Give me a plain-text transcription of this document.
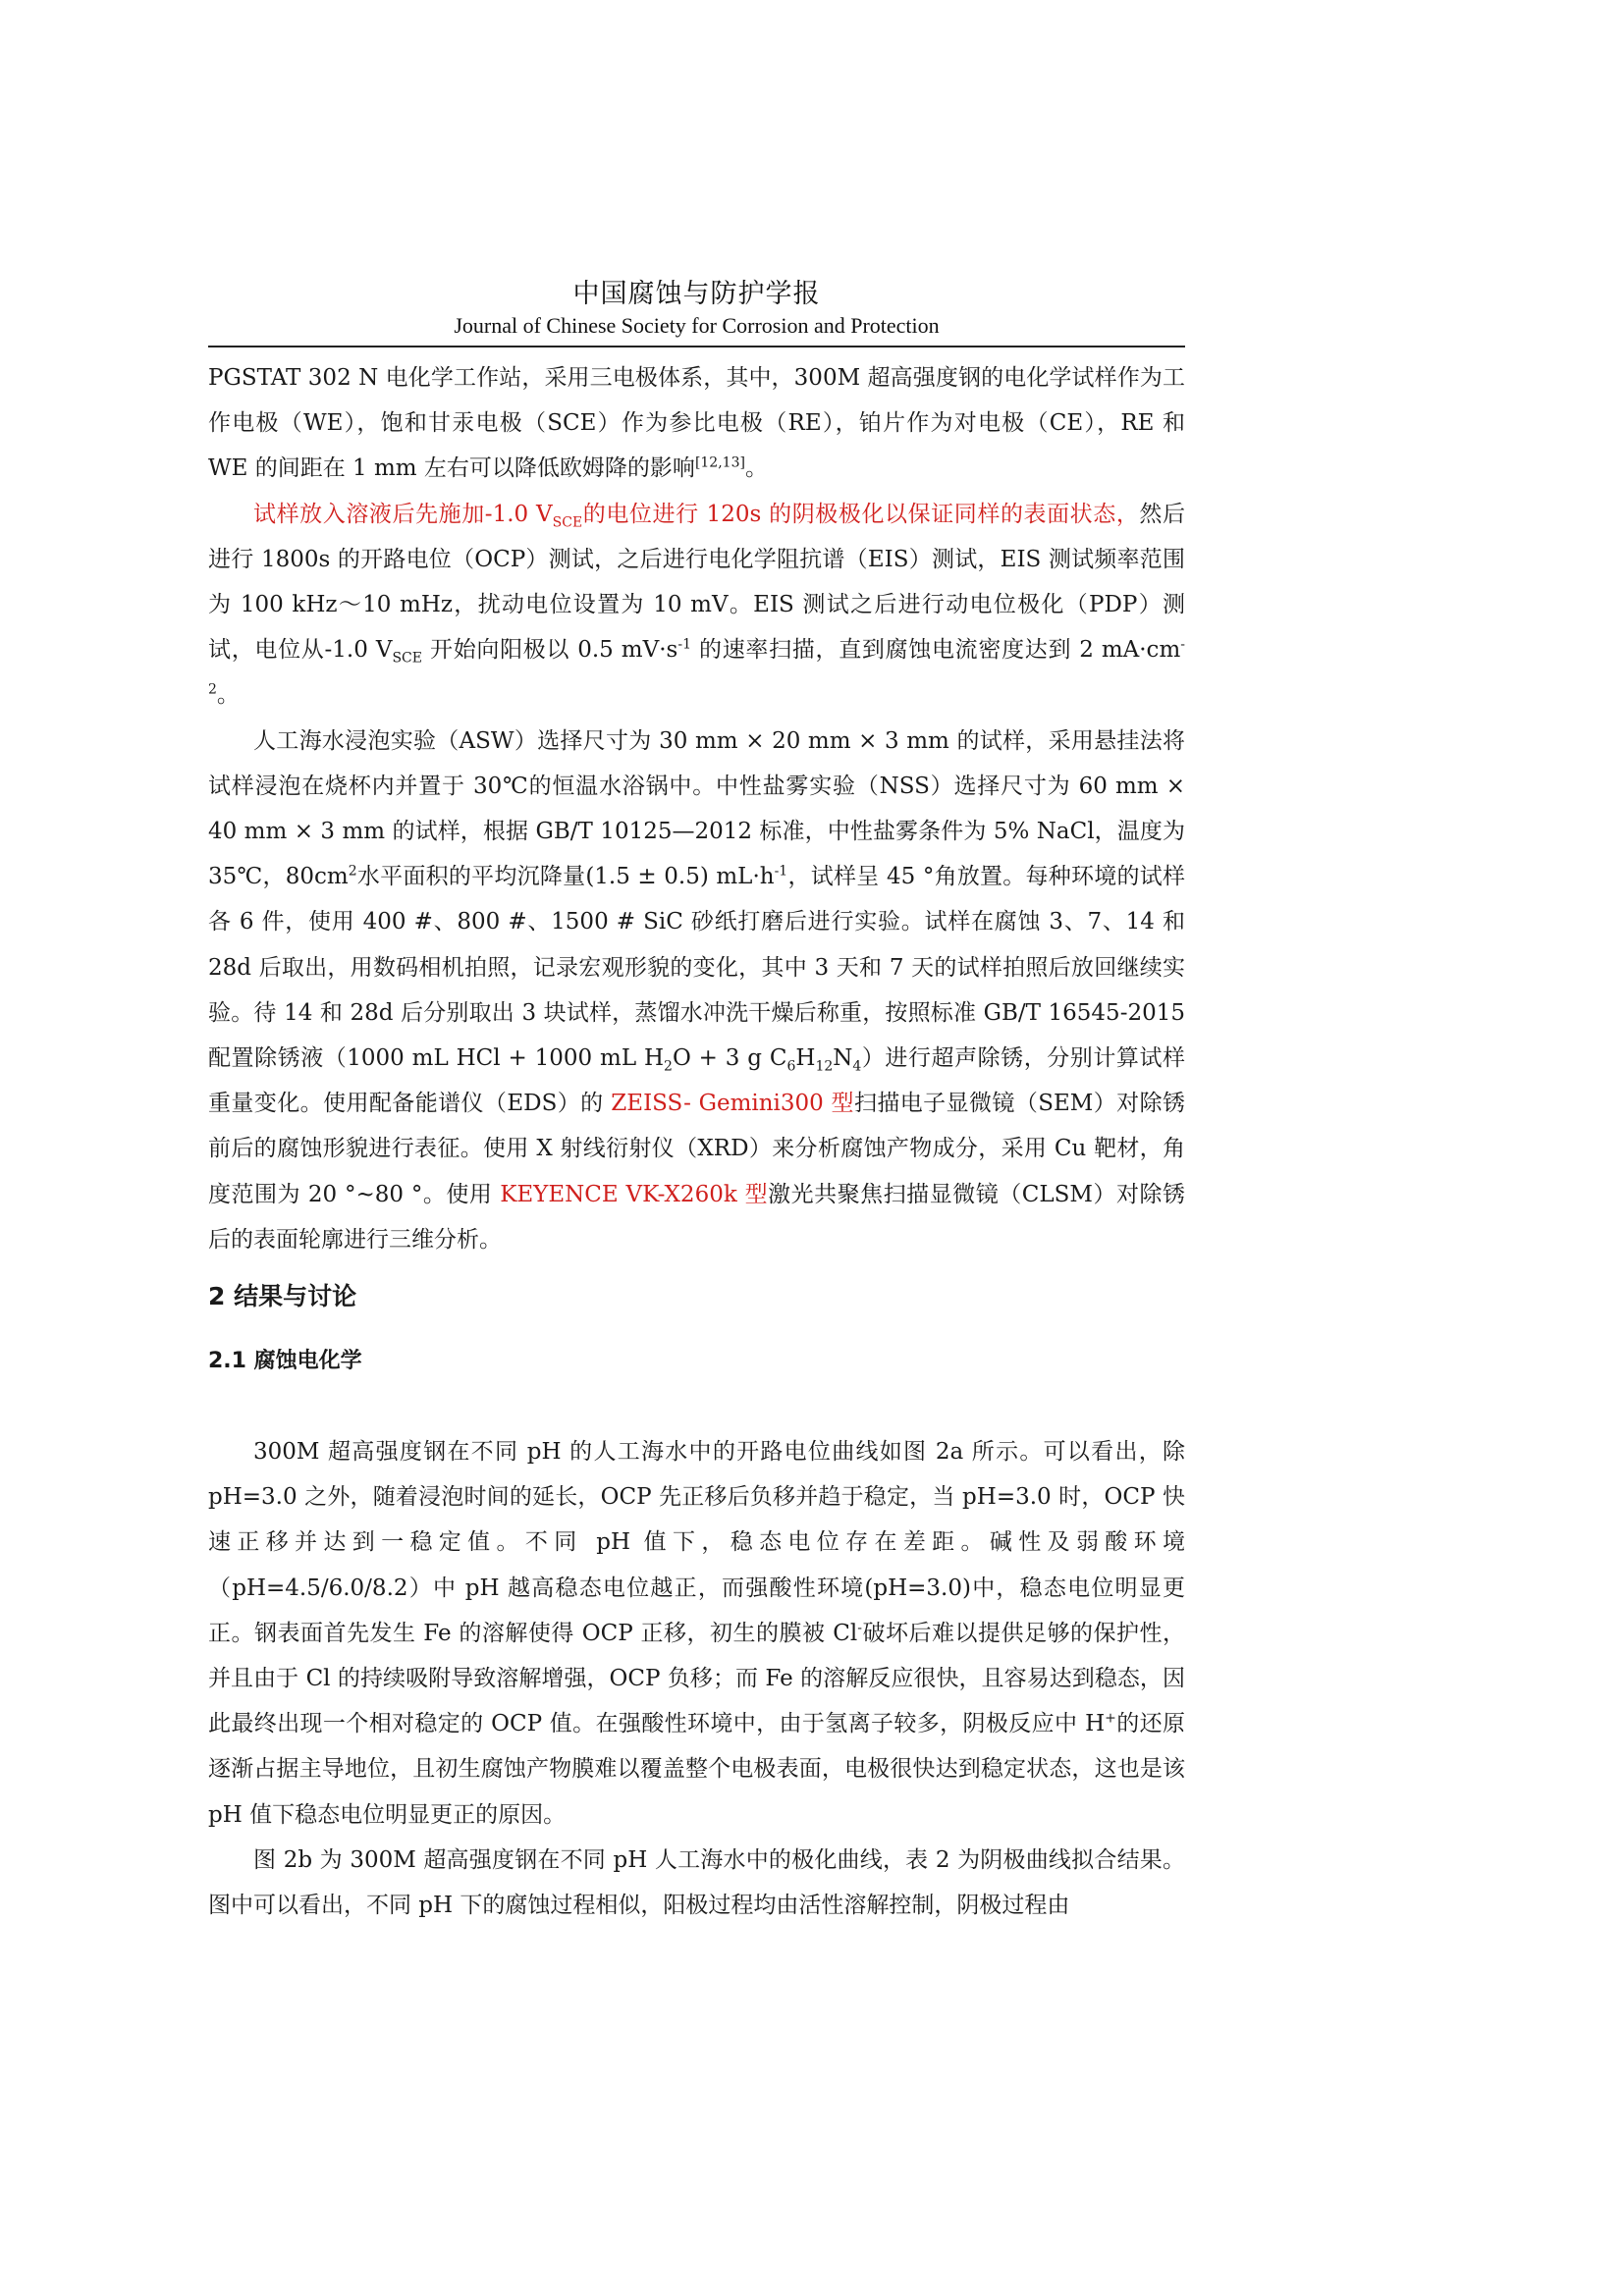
中国腐蚀与防护学报
Journal of Chinese Society for Corrosion and Protection

PGSTAT 302 N 电化学工作站，采用三电极体系，其中，300M 超高强度钢的电化学试样作为工作电极（WE），饱和甘汞电极（SCE）作为参比电极（RE），铂片作为对电极（CE），RE 和 WE 的间距在 1 mm 左右可以降低欧姆降的影响[12,13]。

试样放入溶液后先施加-1.0 $V_{SCE}$的电位进行 120s 的阴极极化以保证同样的表面状态，然后进行 1800s 的开路电位（OCP）测试，之后进行电化学阻抗谱（EIS）测试，EIS 测试频率范围为 100 kHz～10 mHz，扰动电位设置为 10 mV。EIS 测试之后进行动电位极化（PDP）测试，电位从-1.0 $V_{SCE}$ 开始向阳极以 0.5 $mV\cdot s^{-1}$ 的速率扫描，直到腐蚀电流密度达到 2 $mA\cdot cm^{-2}$。

人工海水浸泡实验（ASW）选择尺寸为 30 mm × 20 mm × 3 mm 的试样，采用悬挂法将试样浸泡在烧杯内并置于 30℃的恒温水浴锅中。中性盐雾实验（NSS）选择尺寸为 60 mm × 40 mm × 3 mm 的试样，根据 GB/T 10125—2012 标准，中性盐雾条件为 5% NaCl，温度为 35℃，$80cm^2$水平面积的平均沉降量(1.5 ± 0.5) $mL\cdot h^{-1}$，试样呈 45 °角放置。每种环境的试样各 6 件，使用 400 #、800 #、1500 # SiC 砂纸打磨后进行实验。试样在腐蚀 3、7、14 和 28d 后取出，用数码相机拍照，记录宏观形貌的变化，其中 3 天和 7 天的试样拍照后放回继续实验。待 14 和 28d 后分别取出 3 块试样，蒸馏水冲洗干燥后称重，按照标准 GB/T 16545-2015 配置除锈液（1000 mL HCl + 1000 mL $H_2O + 3$ g $C_6H_{12}N_4$）进行超声除锈，分别计算试样重量变化。使用配备能谱仪（EDS）的 ZEISS- Gemini300 型扫描电子显微镜（SEM）对除锈前后的腐蚀形貌进行表征。使用 X 射线衍射仪（XRD）来分析腐蚀产物成分，采用 Cu 靶材，角度范围为 20 °~80 °。使用 KEYENCE VK-X260k 型激光共聚焦扫描显微镜（CLSM）对除锈后的表面轮廓进行三维分析。

2 结果与讨论
2.1 腐蚀电化学

300M 超高强度钢在不同 pH 的人工海水中的开路电位曲线如图 2a 所示。可以看出，除 pH=3.0 之外，随着浸泡时间的延长，OCP 先正移后负移并趋于稳定，当 pH=3.0 时，OCP 快速正移并达到一稳定值。不同 pH 值下，稳态电位存在差距。碱性及弱酸环境（pH=4.5/6.0/8.2）中 pH 越高稳态电位越正，而强酸性环境(pH=3.0)中，稳态电位明显更正。钢表面首先发生 Fe 的溶解使得 OCP 正移，初生的膜被 Cl-破坏后难以提供足够的保护性，并且由于 Cl 的持续吸附导致溶解增强，OCP 负移；而 Fe 的溶解反应很快，且容易达到稳态，因此最终出现一个相对稳定的 OCP 值。在强酸性环境中，由于氢离子较多，阴极反应中 H+的还原逐渐占据主导地位，且初生腐蚀产物膜难以覆盖整个电极表面，电极很快达到稳定状态，这也是该 pH 值下稳态电位明显更正的原因。

图 2b 为 300M 超高强度钢在不同 pH 人工海水中的极化曲线，表 2 为阴极曲线拟合结果。图中可以看出，不同 pH 下的腐蚀过程相似，阳极过程均由活性溶解控制，阴极过程由
